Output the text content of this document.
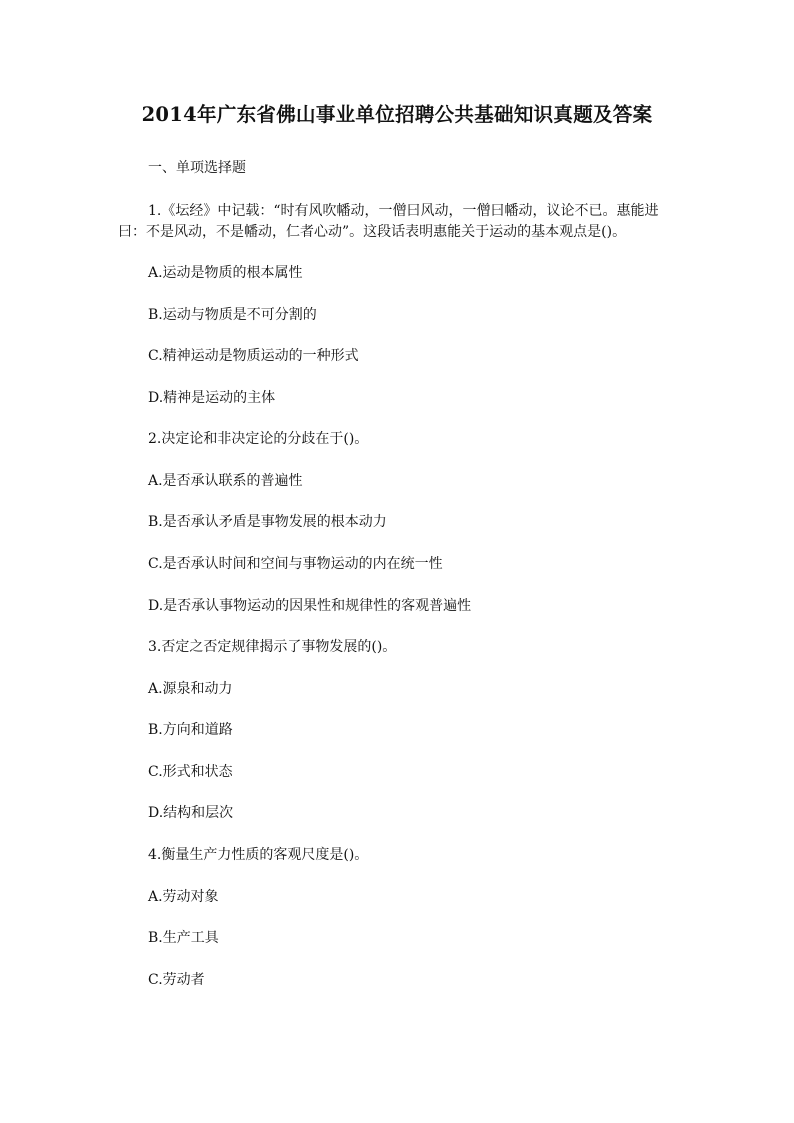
2014年广东省佛山事业单位招聘公共基础知识真题及答案
一、单项选择题
1.《坛经》中记载：“时有风吹幡动，一僧曰风动，一僧曰幡动，议论不已。惠能进曰：不是风动，不是幡动，仁者心动”。这段话表明惠能关于运动的基本观点是()。
A.运动是物质的根本属性
B.运动与物质是不可分割的
C.精神运动是物质运动的一种形式
D.精神是运动的主体
2.决定论和非决定论的分歧在于()。
A.是否承认联系的普遍性
B.是否承认矛盾是事物发展的根本动力
C.是否承认时间和空间与事物运动的内在统一性
D.是否承认事物运动的因果性和规律性的客观普遍性
3.否定之否定规律揭示了事物发展的()。
A.源泉和动力
B.方向和道路
C.形式和状态
D.结构和层次
4.衡量生产力性质的客观尺度是()。
A.劳动对象
B.生产工具
C.劳动者
